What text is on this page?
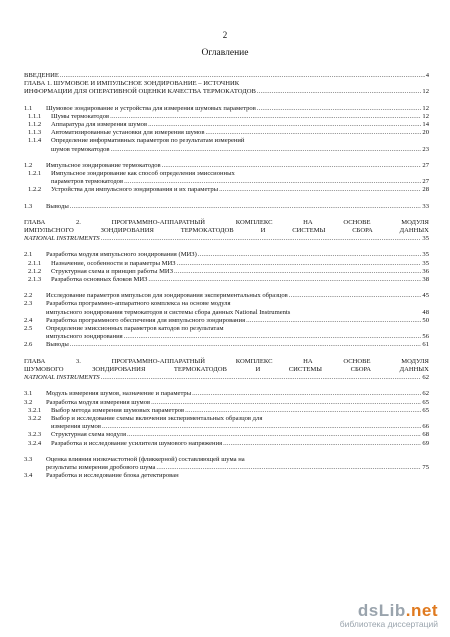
2
Оглавление
ВВЕДЕНИЕ .....	4
ГЛАВА 1. ШУМОВОЕ И ИМПУЛЬСНОЕ ЗОНДИРОВАНИЕ – ИСТОЧНИК
ИНФОРМАЦИИ ДЛЯ ОПЕРАТИВНОЙ ОЦЕНКИ КАЧЕСТВА ТЕРМОКАТОДОВ .....	12
1.1	Шумовое зондирование и устройства для измерения шумовых параметров .....	12
1.1.1	Шумы термокатодов .....	12
1.1.2	Аппаратура для измерения шумов .....	14
1.1.3	Автоматизированные установки для измерения шумов .....	20
1.1.4 Определение информативных параметров по результатам измерений
шумов термокатодов .....	23
1.2	Импульсное зондирование термокатодов .....	27
1.2.1 Импульсное зондирование как способ определения эмиссионных
параметров термокатодов .....	27
1.2.2	Устройства для импульсного зондирования и их параметры .....	28
1.3	Выводы .....	33
ГЛАВА	2.	ПРОГРАММНО-АППАРАТНЫЙ	КОМПЛЕКС	НА	ОСНОВЕ	МОДУЛЯ
ИМПУЛЬСНОГО	ЗОНДИРОВАНИЯ	ТЕРМОКАТОДОВ	И	СИСТЕМЫ	СБОРА	ДАННЫХ
NATIONAL INSTRUMENTS .....	35
2.1	Разработка модуля импульсного зондирования (МИЗ) .....	35
2.1.1	Назначение, особенности и параметры МИЗ .....	35
2.1.2	Структурная схема и принцип работы МИЗ .....	36
2.1.3	Разработка основных блоков МИЗ .....	38
2.2	Исследование параметров импульсов для зондирования экспериментальных образцов .....	45
2.3 Разработка программно-аппаратного комплекса на основе модуля
импульсного зондирования термокатодов и системы сбора данных National Instruments	48
2.4	Разработка программного обеспечения для импульсного зондирования .....	50
2.5 Определение эмиссионных параметров катодов по результатам
импульсного зондирования .....	56
2.6	Выводы .....	61
ГЛАВА	3.	ПРОГРАММНО-АППАРАТНЫЙ	КОМПЛЕКС	НА	ОСНОВЕ	МОДУЛЯ
ШУМОВОГО	ЗОНДИРОВАНИЯ	ТЕРМОКАТОДОВ	И	СИСТЕМЫ	СБОРА	ДАННЫХ
NATIONAL INSTRUMENTS .....	62
3.1	Модуль измерения шумов, назначение и параметры .....	62
3.2	Разработка модуля измерения шумов .....	65
3.2.1	Выбор метода измерения шумовых параметров .....	65
3.2.2 Выбор и исследование схемы включения экспериментальных образцов для
измерения шумов .....	66
3.2.3	Структурная схема модуля .....	68
3.2.4	Разработка и исследование усилителя шумового напряжения .....	69
3.3 Оценка влияния низкочастотной (фликкерной) составляющей шума на
результаты измерения дробового шума .....	75
3.4 Разработка и исследование блока детектирован
dsLib.net
библиотека диссертаций
